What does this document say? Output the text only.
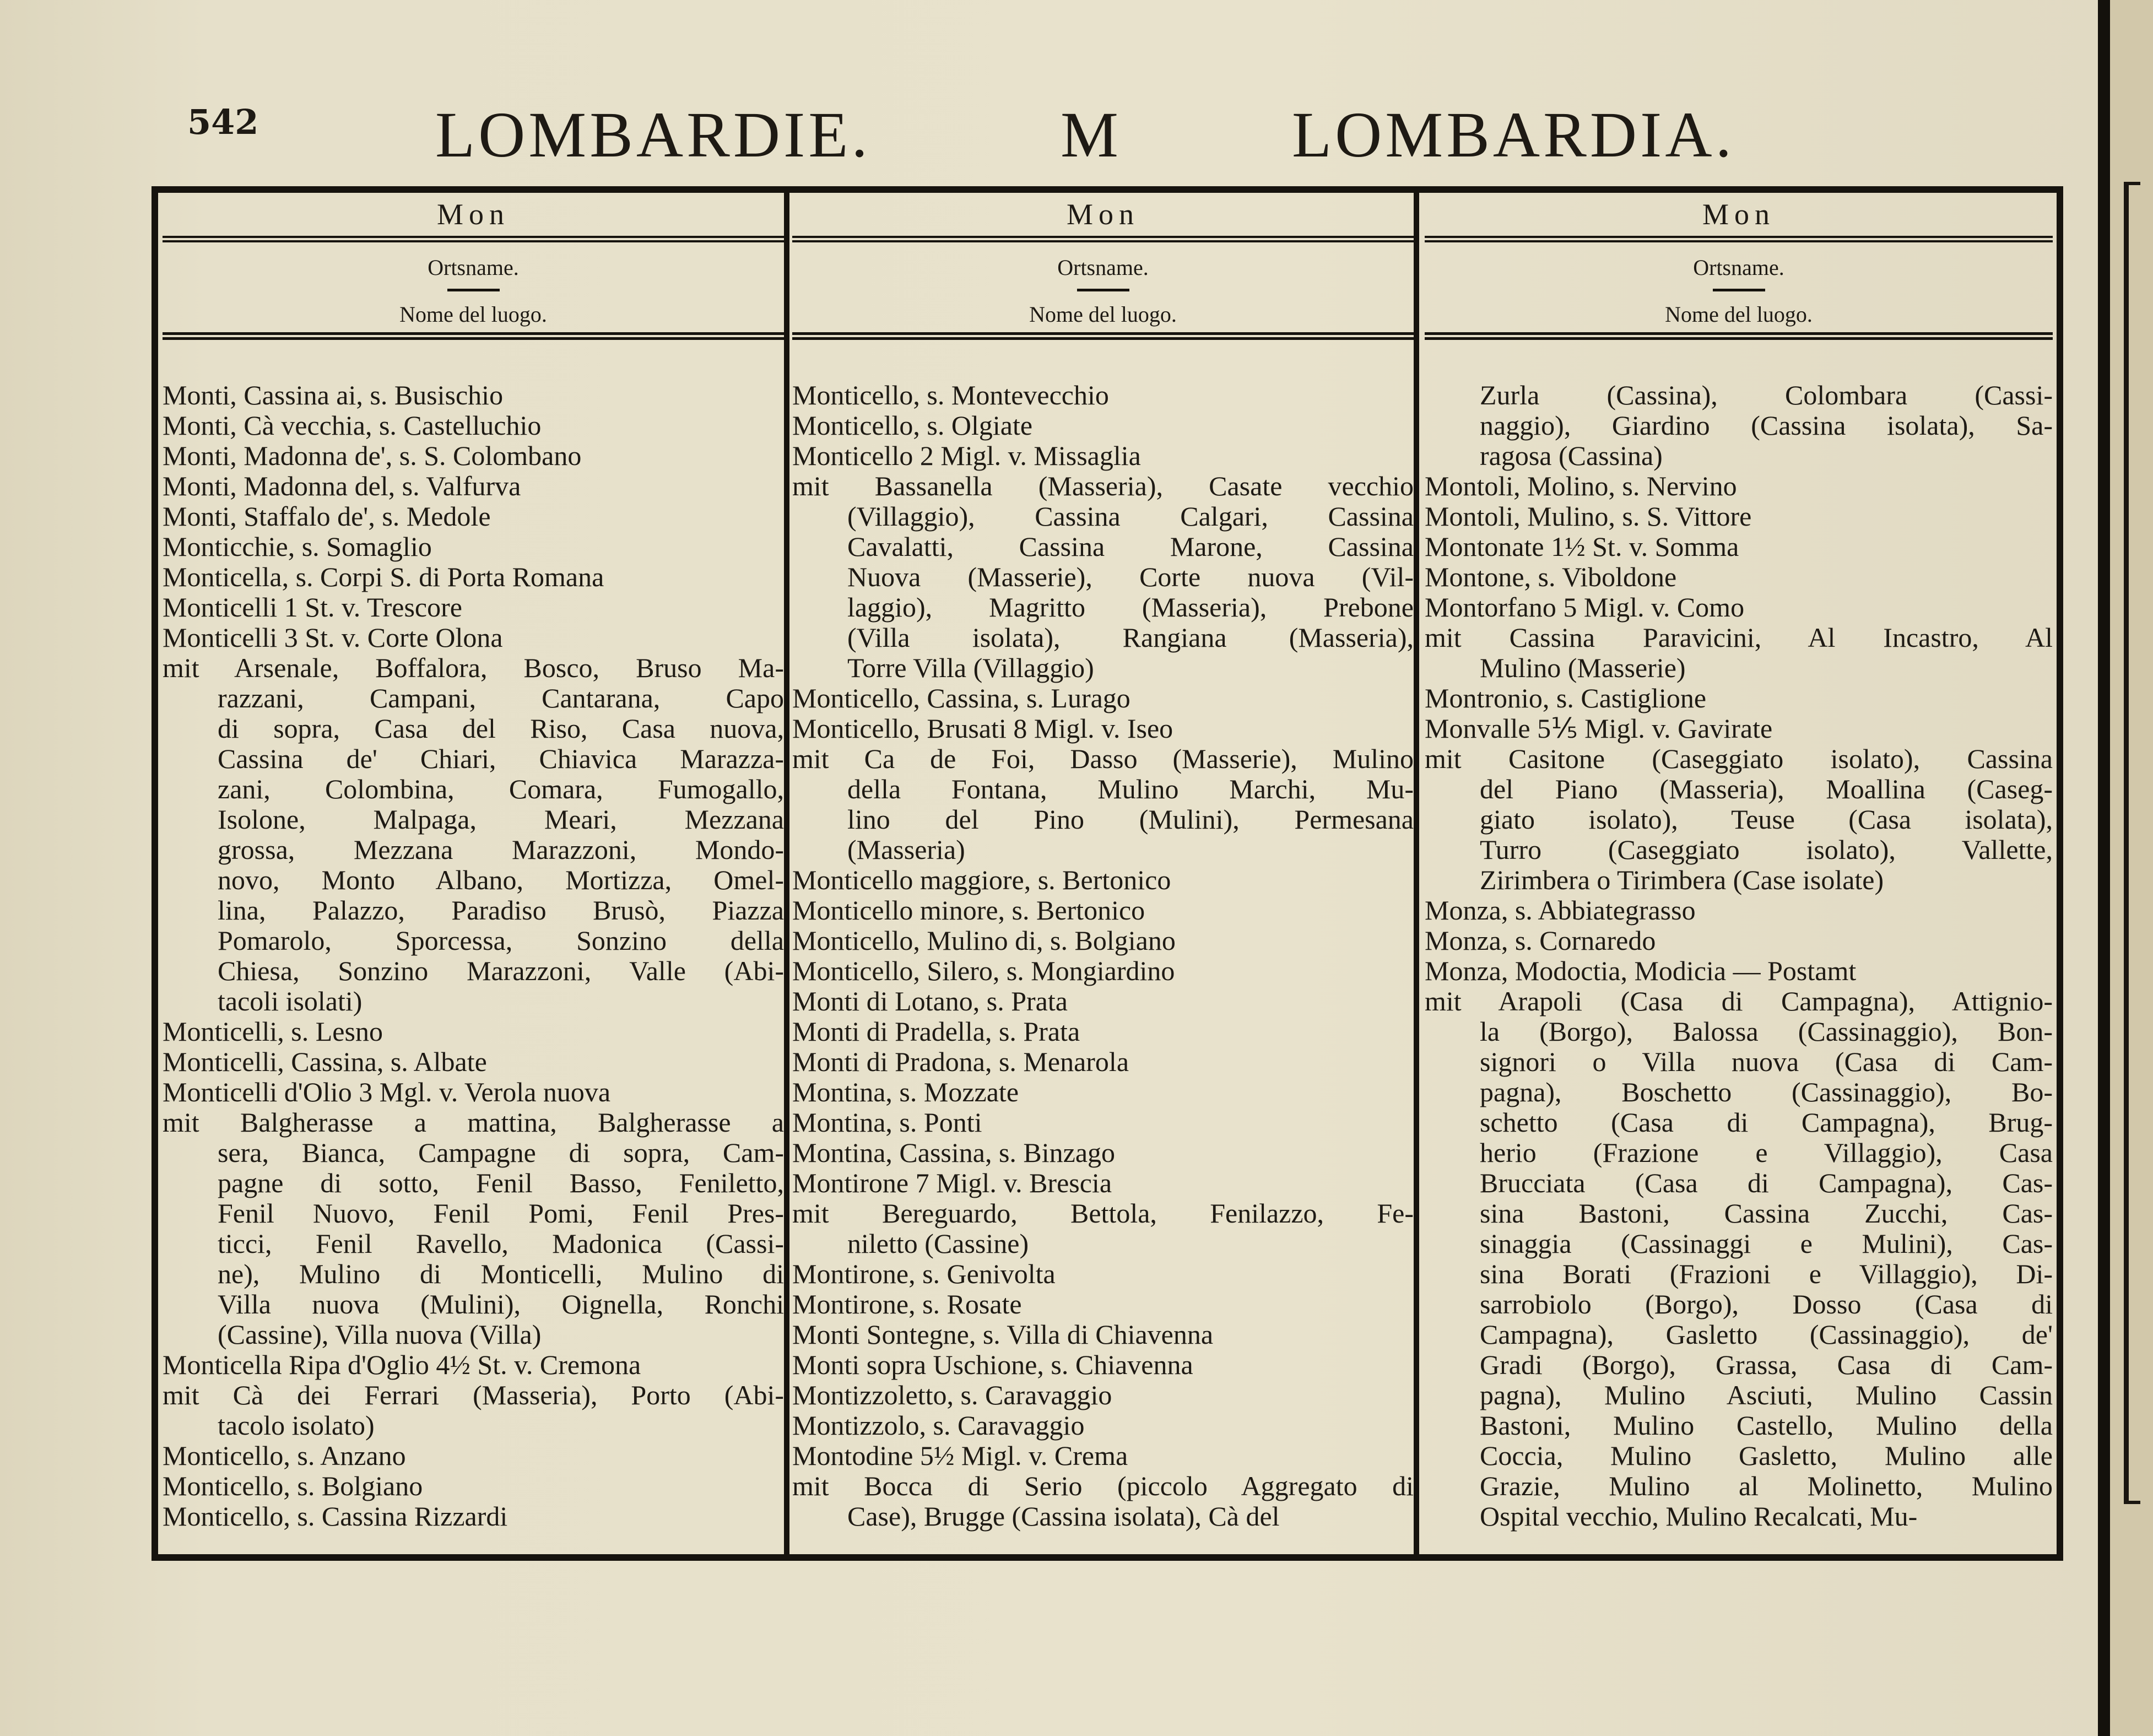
542	LOMBARDIE.	M	LOMBARDIA.
Mon
Ortsname.
Nome del luogo.
Monti, Cassina ai, s. Busischio
Monti, Cà vecchia, s. Castelluchio
Monti, Madonna de', s. S. Colombano
Monti, Madonna del, s. Valfurva
Monti, Staffalo de', s. Medole
Monticchie, s. Somaglio
Monticella, s. Corpi S. di Porta Romana
Monticelli 1 St. v. Trescore
Monticelli 3 St. v. Corte Olona
mit Arsenale, Boffalora, Bosco, Bruso Ma-
razzani, Campani, Cantarana, Capo
di sopra, Casa del Riso, Casa nuova,
Cassina de' Chiari, Chiavica Marazza-
zani, Colombina, Comara, Fumogallo,
Isolone, Malpaga, Meari, Mezzana
grossa, Mezzana Marazzoni, Mondo-
novo, Monto Albano, Mortizza, Omel-
lina, Palazzo, Paradiso Brusò, Piazza
Pomarolo, Sporcessa, Sonzino della
Chiesa, Sonzino Marazzoni, Valle (Abi-
tacoli isolati)
Monticelli, s. Lesno
Monticelli, Cassina, s. Albate
Monticelli d'Olio 3 Mgl. v. Verola nuova
mit Balgherasse a mattina, Balgherasse a
sera, Bianca, Campagne di sopra, Cam-
pagne di sotto, Fenil Basso, Feniletto,
Fenil Nuovo, Fenil Pomi, Fenil Pres-
ticci, Fenil Ravello, Madonica (Cassi-
ne), Mulino di Monticelli, Mulino di
Villa nuova (Mulini), Oignella, Ronchi
(Cassine), Villa nuova (Villa)
Monticella Ripa d'Oglio 4½ St. v. Cremona
mit Cà dei Ferrari (Masseria), Porto (Abi-
tacolo isolato)
Monticello, s. Anzano
Monticello, s. Bolgiano
Monticello, s. Cassina Rizzardi
Mon
Ortsname.
Nome del luogo.
Monticello, s. Montevecchio
Monticello, s. Olgiate
Monticello 2 Migl. v. Missaglia
mit Bassanella (Masseria), Casate vecchio
(Villaggio), Cassina Calgari, Cassina
Cavalatti, Cassina Marone, Cassina
Nuova (Masserie), Corte nuova (Vil-
laggio), Magritto (Masseria), Prebone
(Villa isolata), Rangiana (Masseria),
Torre Villa (Villaggio)
Monticello, Cassina, s. Lurago
Monticello, Brusati 8 Migl. v. Iseo
mit Ca de Foi, Dasso (Masserie), Mulino
della Fontana, Mulino Marchi, Mu-
lino del Pino (Mulini), Permesana
(Masseria)
Monticello maggiore, s. Bertonico
Monticello minore, s. Bertonico
Monticello, Mulino di, s. Bolgiano
Monticello, Silero, s. Mongiardino
Monti di Lotano, s. Prata
Monti di Pradella, s. Prata
Monti di Pradona, s. Menarola
Montina, s. Mozzate
Montina, s. Ponti
Montina, Cassina, s. Binzago
Montirone 7 Migl. v. Brescia
mit Bereguardo, Bettola, Fenilazzo, Fe-
niletto (Cassine)
Montirone, s. Genivolta
Montirone, s. Rosate
Monti Sontegne, s. Villa di Chiavenna
Monti sopra Uschione, s. Chiavenna
Montizzoletto, s. Caravaggio
Montizzolo, s. Caravaggio
Montodine 5½ Migl. v. Crema
mit Bocca di Serio (piccolo Aggregato di
Case), Brugge (Cassina isolata), Cà del
Mon
Ortsname.
Nome del luogo.
Zurla (Cassina), Colombara (Cassi-
naggio), Giardino (Cassina isolata), Sa-
ragosa (Cassina)
Montoli, Molino, s. Nervino
Montoli, Mulino, s. S. Vittore
Montonate 1½ St. v. Somma
Montone, s. Viboldone
Montorfano 5 Migl. v. Como
mit Cassina Paravicini, Al Incastro, Al
Mulino (Masserie)
Montronio, s. Castiglione
Monvalle 5⅕ Migl. v. Gavirate
mit Casitone (Caseggiato isolato), Cassina
del Piano (Masseria), Moallina (Caseg-
giato isolato), Teuse (Casa isolata),
Turro (Caseggiato isolato), Vallette,
Zirimbera o Tirimbera (Case isolate)
Monza, s. Abbiategrasso
Monza, s. Cornaredo
Monza, Modoctia, Modicia — Postamt
mit Arapoli (Casa di Campagna), Attignio-
la (Borgo), Balossa (Cassinaggio), Bon-
signori o Villa nuova (Casa di Cam-
pagna), Boschetto (Cassinaggio), Bo-
schetto (Casa di Campagna), Brug-
herio (Frazione e Villaggio), Casa
Brucciata (Casa di Campagna), Cas-
sina Bastoni, Cassina Zucchi, Cas-
sinaggia (Cassinaggi e Mulini), Cas-
sina Borati (Frazioni e Villaggio), Di-
sarrobiolo (Borgo), Dosso (Casa di
Campagna), Gasletto (Cassinaggio), de'
Gradi (Borgo), Grassa, Casa di Cam-
pagna), Mulino Asciuti, Mulino Cassin
Bastoni, Mulino Castello, Mulino della
Coccia, Mulino Gasletto, Mulino alle
Grazie, Mulino al Molinetto, Mulino
Ospital vecchio, Mulino Recalcati, Mu-
